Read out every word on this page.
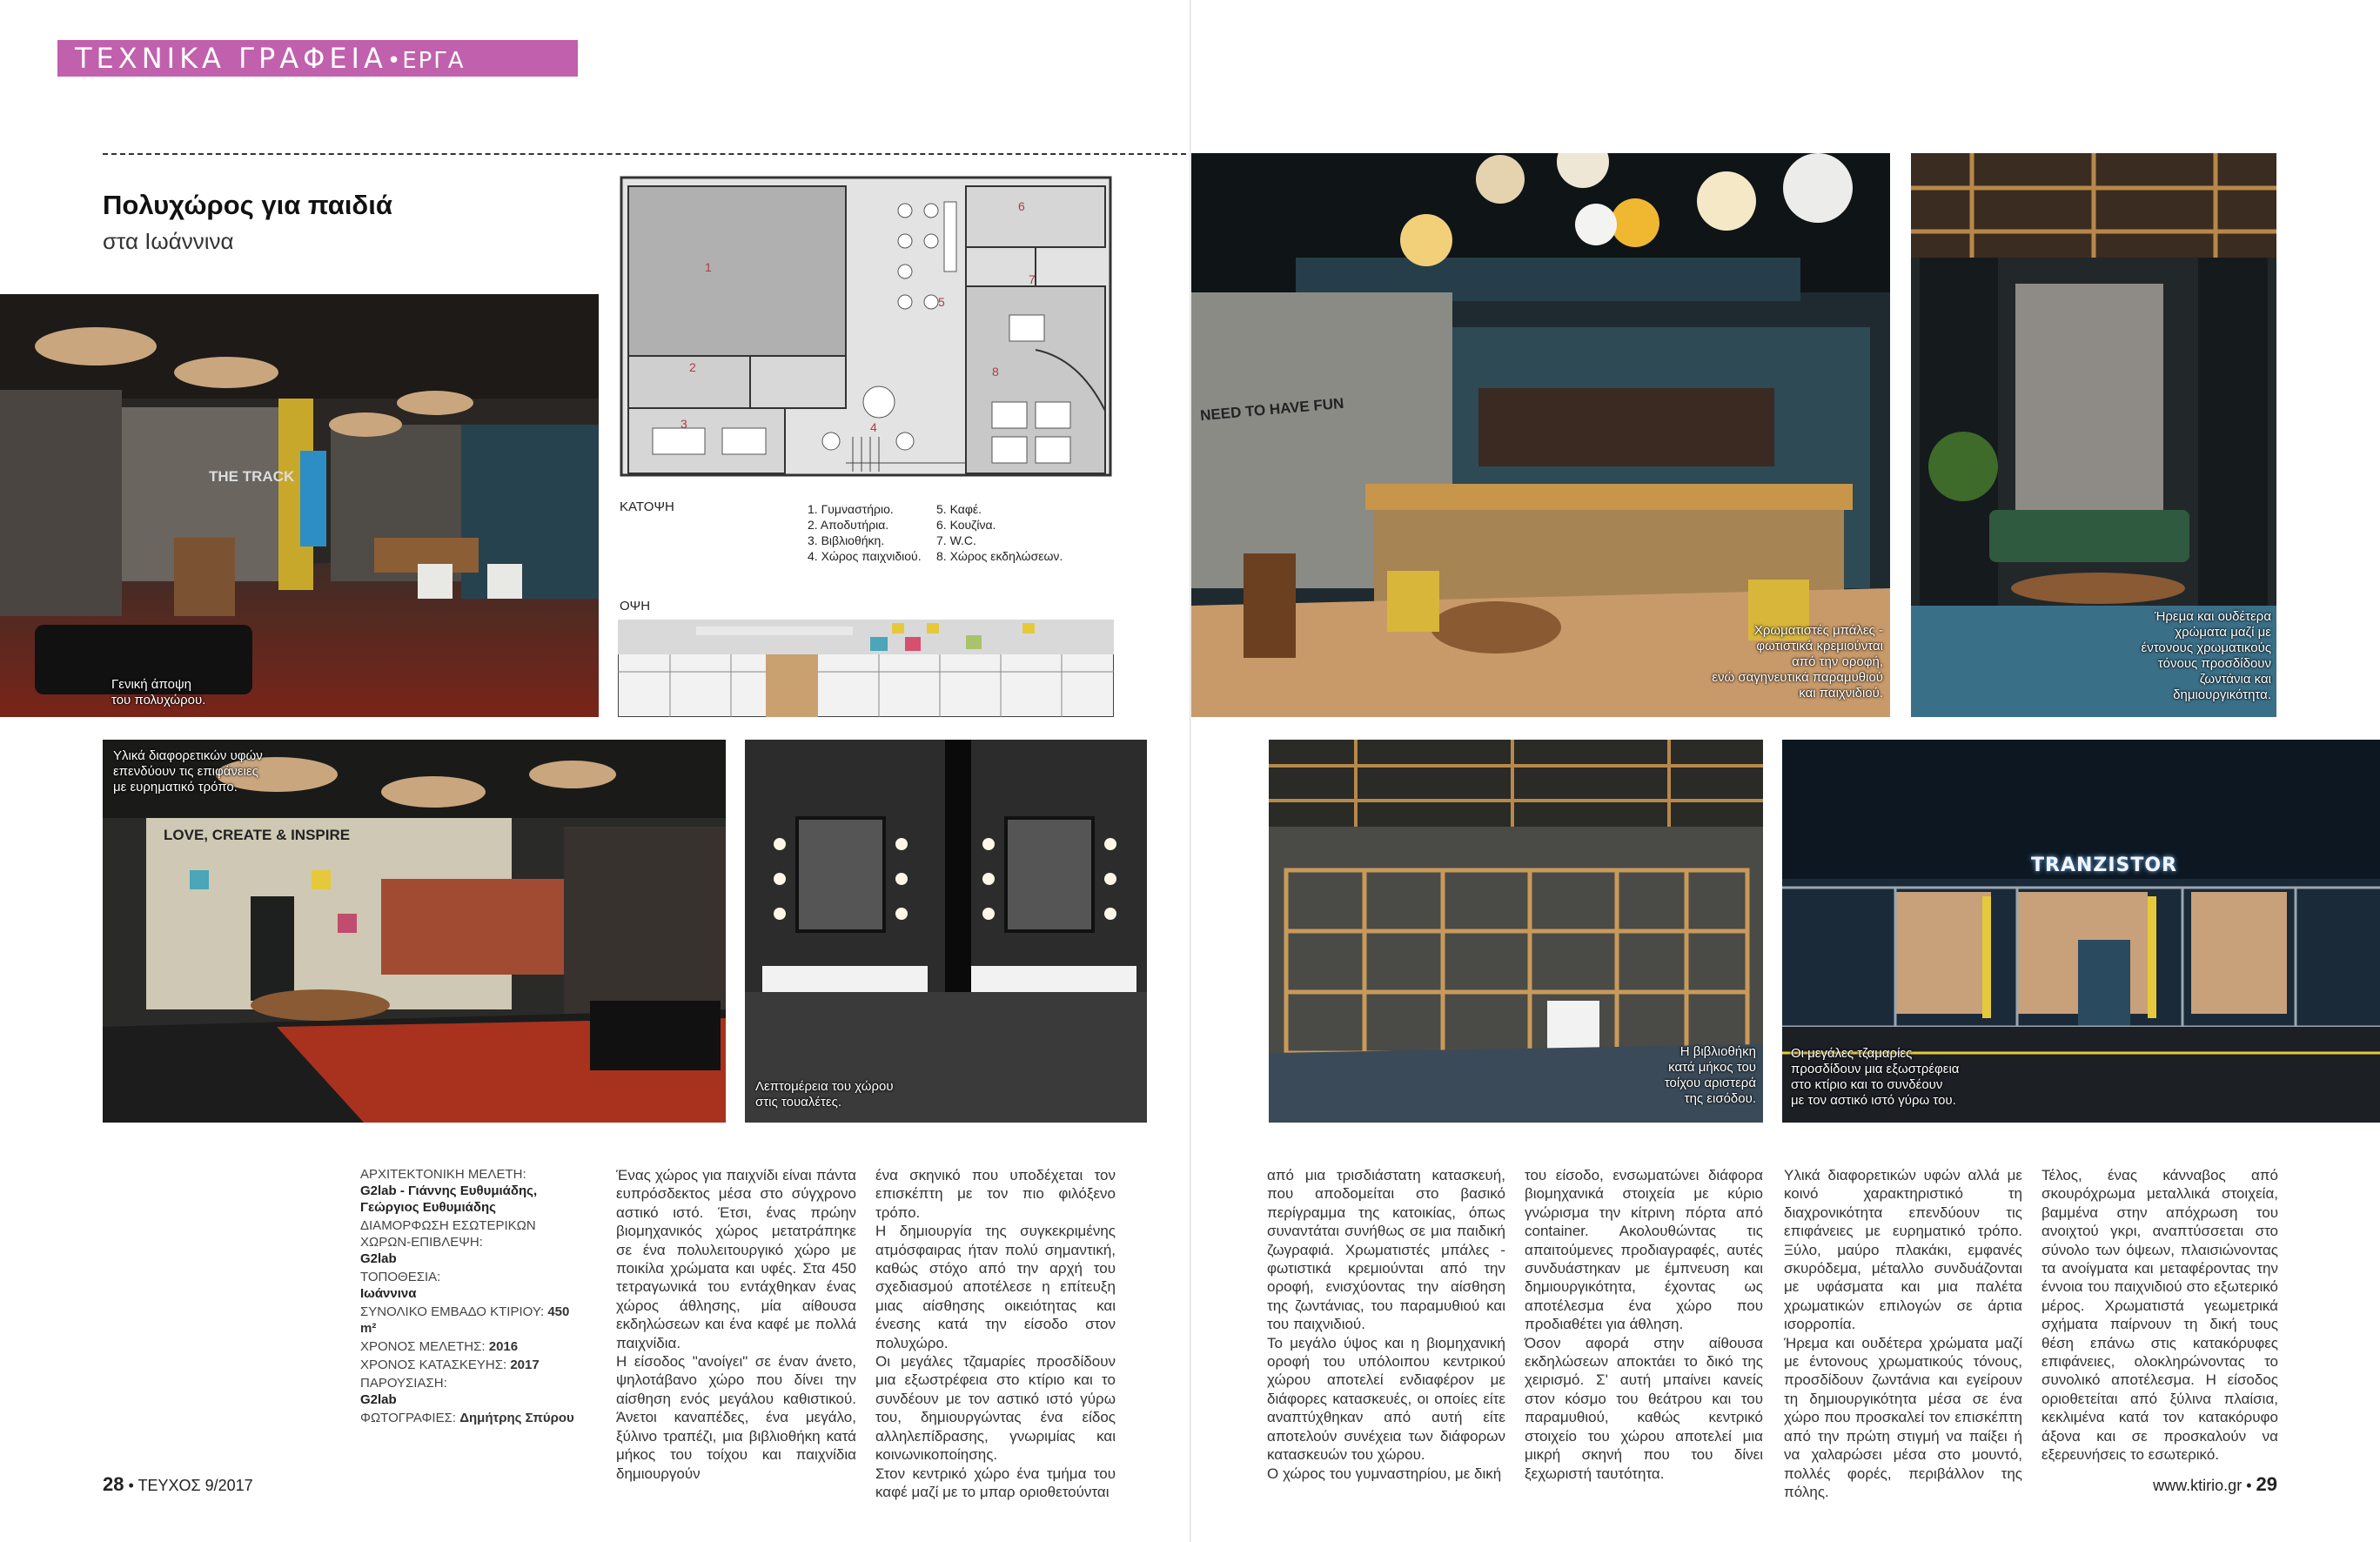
ΤΕΧΝΙΚΑ ΓΡΑΦΕΙΑ•ΕΡΓΑ
Πολυχώρος για παιδιά
στα Ιωάννινα
THE TRACK
Γενική άποψη
του πολυχώρου.
1
2
3	4
5
6
7
8
ΚΑΤΟΨΗ	1. Γυμναστήριο.
2. Αποδυτήρια.
3. Βιβλιοθήκη.
4. Χώρος παιχνιδιού.
5. Καφέ.
6. Κουζίνα.
7. W.C.
8. Χώρος εκδηλώσεων.
ΟΨΗ
NEED TO HAVE FUN
Χρωματιστές μπάλες -
φωτιστικά κρεμιούνται
από την οροφή,
ενώ σαγηνευτικά παραμυθιού
και παιχνιδιού.
Ήρεμα και ουδέτερα
χρώματα μαζί με
έντονους χρωματικούς
τόνους προσδίδουν
ζωντάνια και
δημιουργικότητα.
LOVE, CREATE & INSPIRE
Υλικά διαφορετικών υφών
επενδύουν τις επιφάνειες
με ευρηματικό τρόπο.
Λεπτομέρεια του χώρου
στις τουαλέτες.
Η βιβλιοθήκη
κατά μήκος του
τοίχου αριστερά
της εισόδου.
TRANZISTOR
Οι μεγάλες τζαμαρίες
προσδίδουν μια εξωστρέφεια
στο κτίριο και το συνδέουν
με τον αστικό ιστό γύρω του.
ΑΡΧΙΤΕΚΤΟΝΙΚΗ ΜΕΛΕΤΗ:
G2lab - Γιάννης Ευθυμιάδης, Γεώργιος Ευθυμιάδης
ΔΙΑΜΟΡΦΩΣΗ ΕΣΩΤΕΡΙΚΩΝ ΧΩΡΩΝ-ΕΠΙΒΛΕΨΗ:
G2lab
ΤΟΠΟΘΕΣΙΑ:
Ιωάννινα
ΣΥΝΟΛΙΚΟ ΕΜΒΑΔΟ ΚΤΙΡΙΟΥ: 450 m²
ΧΡΟΝΟΣ ΜΕΛΕΤΗΣ: 2016
ΧΡΟΝΟΣ ΚΑΤΑΣΚΕΥΗΣ: 2017
ΠΑΡΟΥΣΙΑΣΗ:
G2lab
ΦΩΤΟΓΡΑΦΙΕΣ: Δημήτρης Σπύρου

Ένας χώρος για παιχνίδι είναι πάντα ευπρόσδεκτος μέσα στο σύγχρονο αστικό ιστό. Έτσι, ένας πρώην βιομηχανικός χώρος μετατράπηκε σε ένα πολυλειτουργικό χώρο με ποικίλα χρώματα και υφές. Στα 450 τετραγωνικά του εντάχθηκαν ένας χώρος άθλησης, μία αίθουσα εκδηλώσεων και ένα καφέ με πολλά παιχνίδια.

Η είσοδος "ανοίγει" σε έναν άνετο, ψηλοτάβανο χώρο που δίνει την αίσθηση ενός μεγάλου καθιστικού. Άνετοι καναπέδες, ένα μεγάλο, ξύλινο τραπέζι, μια βιβλιοθήκη κατά μήκος του τοίχου και παιχνίδια δημιουργούν

ένα σκηνικό που υποδέχεται τον επισκέπτη με τον πιο φιλόξενο τρόπο.

Η δημιουργία της συγκεκριμένης ατμόσφαιρας ήταν πολύ σημαντική, καθώς στόχο από την αρχή του σχεδιασμού αποτέλεσε η επίτευξη μιας αίσθησης οικειότητας και ένεσης κατά την είσοδο στον πολυχώρο.

Οι μεγάλες τζαμαρίες προσδίδουν μια εξωστρέφεια στο κτίριο και το συνδέουν με τον αστικό ιστό γύρω του, δημιουργώντας ένα είδος αλληλεπίδρασης, γνωριμίας και κοινωνικοποίησης.

Στον κεντρικό χώρο ένα τμήμα του καφέ μαζί με το μπαρ οριοθετούνται

από μια τρισδιάστατη κατασκευή, που αποδομείται στο βασικό περίγραμμα της κατοικίας, όπως συναντάται συνήθως σε μια παιδική ζωγραφιά. Χρωματιστές μπάλες - φωτιστικά κρεμιούνται από την οροφή, ενισχύοντας την αίσθηση της ζωντάνιας, του παραμυθιού και του παιχνιδιού.

Το μεγάλο ύψος και η βιομηχανική οροφή του υπόλοιπου κεντρικού χώρου αποτελεί ενδιαφέρον με διάφορες κατασκευές, οι οποίες είτε αναπτύχθηκαν από αυτή είτε αποτελούν συνέχεια των διάφορων κατασκευών του χώρου.

Ο χώρος του γυμναστηρίου, με δική

του είσοδο, ενσωματώνει διάφορα βιομηχανικά στοιχεία με κύριο γνώρισμα την κίτρινη πόρτα από container. Ακολουθώντας τις απαιτούμενες προδιαγραφές, αυτές συνδυάστηκαν με έμπνευση και δημιουργικότητα, έχοντας ως αποτέλεσμα ένα χώρο που προδιαθέτει για άθληση.

Όσον αφορά στην αίθουσα εκδηλώσεων αποκτάει το δικό της χειρισμό. Σ' αυτή μπαίνει κανείς στον κόσμο του θεάτρου και του παραμυθιού, καθώς κεντρικό στοιχείο του χώρου αποτελεί μια μικρή σκηνή που του δίνει ξεχωριστή ταυτότητα.

Υλικά διαφορετικών υφών αλλά με κοινό χαρακτηριστικό τη διαχρονικότητα επενδύουν τις επιφάνειες με ευρηματικό τρόπο. Ξύλο, μαύρο πλακάκι, εμφανές σκυρόδεμα, μέταλλο συνδυάζονται με υφάσματα και μια παλέτα χρωματικών επιλογών σε άρτια ισορροπία.

Ήρεμα και ουδέτερα χρώματα μαζί με έντονους χρωματικούς τόνους, προσδίδουν ζωντάνια και εγείρουν τη δημιουργικότητα μέσα σε ένα χώρο που προσκαλεί τον επισκέπτη από την πρώτη στιγμή να παίξει ή να χαλαρώσει μέσα στο μουντό, πολλές φορές, περιβάλλον της πόλης.

Τέλος, ένας κάνναβος από σκουρόχρωμα μεταλλικά στοιχεία, βαμμένα στην απόχρωση του ανοιχτού γκρι, αναπτύσσεται στο σύνολο των όψεων, πλαισιώνοντας τα ανοίγματα και μεταφέροντας την έννοια του παιχνιδιού στο εξωτερικό μέρος. Χρωματιστά γεωμετρικά σχήματα παίρνουν τη δική τους θέση επάνω στις κατακόρυφες επιφάνειες, ολοκληρώνοντας το συνολικό αποτέλεσμα. Η είσοδος οριοθετείται από ξύλινα πλαίσια, κεκλιμένα κατά τον κατακόρυφο άξονα και σε προσκαλούν να εξερευνήσεις το εσωτερικό.

28 • ΤΕΥΧΟΣ 9/2017	www.ktirio.gr • 29
